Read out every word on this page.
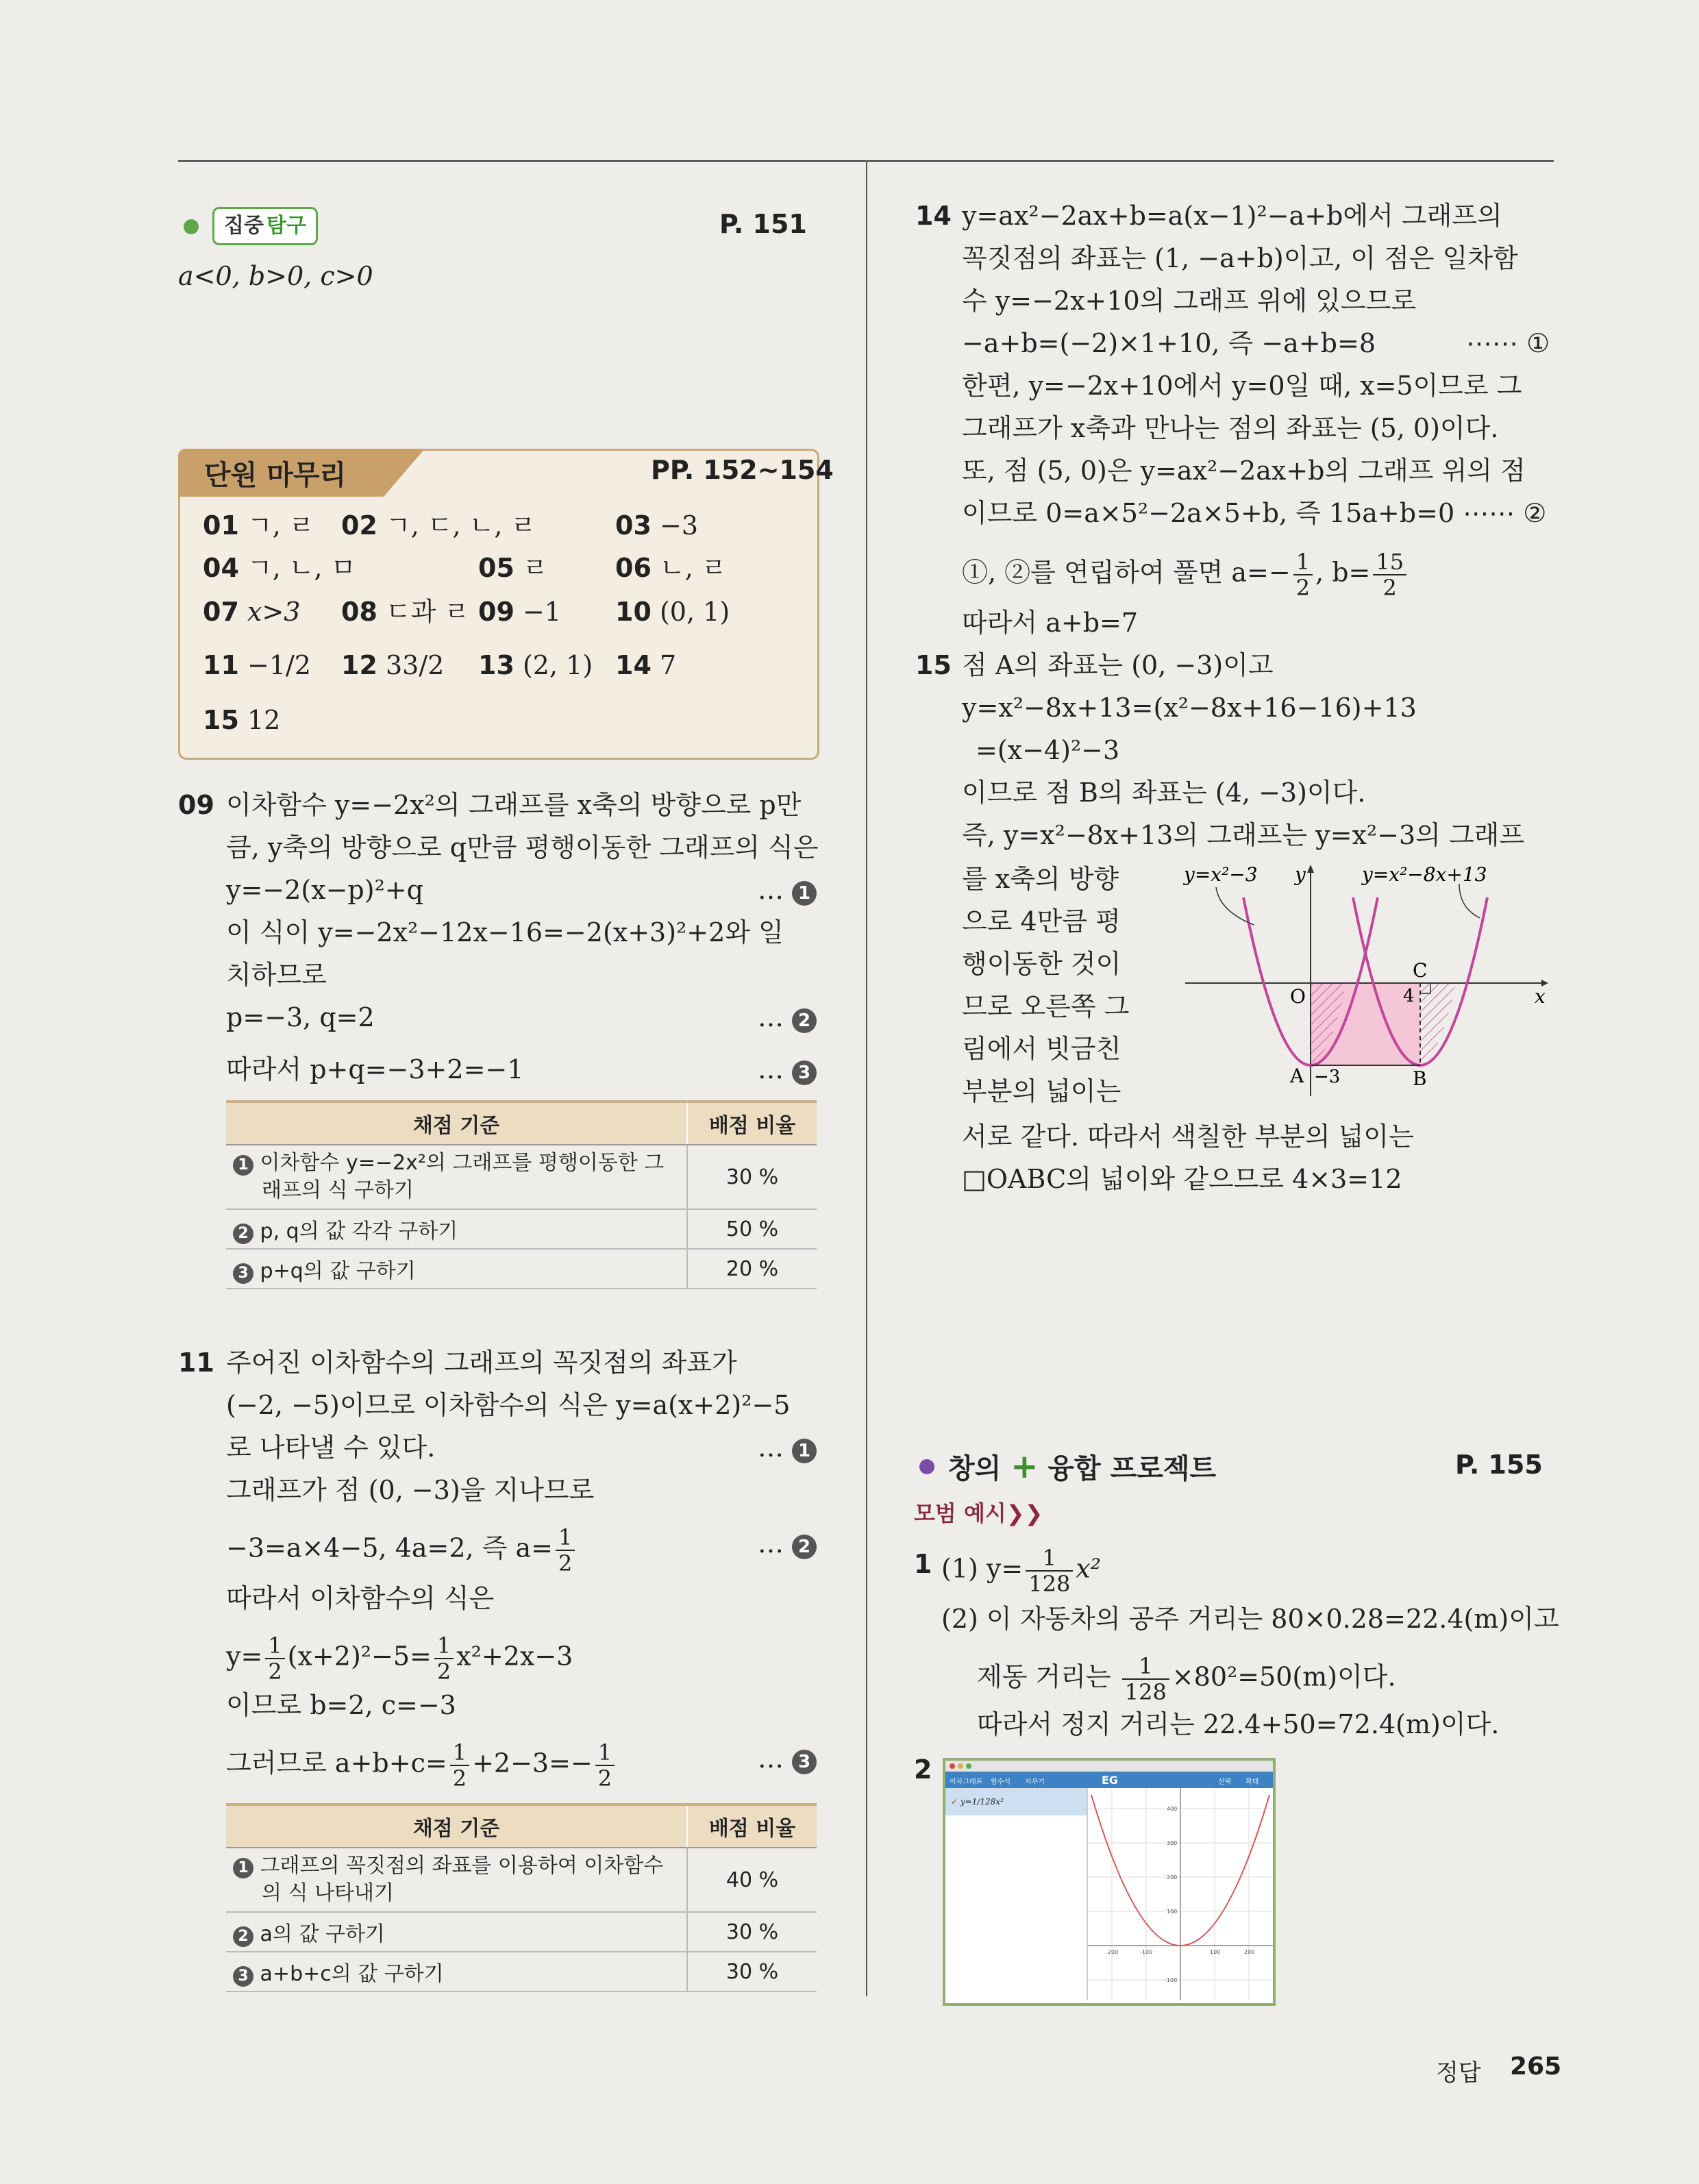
집중 탐구	P. 151
a<0, b>0, c>0
단원 마무리	PP. 152~154
01 ㄱ, ㄹ 02 ㄱ, ㄷ, ㄴ, ㄹ	03 −3
04 ㄱ, ㄴ, ㅁ	05 ㄹ	06 ㄴ, ㄹ
07 x>3 08 ㄷ과 ㄹ 09 −1 10 (0, 1)
11 −1/2 12 33/2 13 (2, 1) 14 7
15 12
09 이차함수 y=−2x²의 그래프를 x축의 방향으로 p만
큼, y축의 방향으로 q만큼 평행이동한 그래프의 식은
y=−2(x−p)²+q	… 1
이 식이 y=−2x²−12x−16=−2(x+3)²+2와 일
치하므로
p=−3, q=2	… 2
따라서 p+q=−3+2=−1	… 3
채점 기준	배점 비율
1 이차함수 y=−2x²의 그래프를 평행이동한 그
래프의 식 구하기	30 %
2 p, q의 값 각각 구하기	50 %
3 p+q의 값 구하기	20 %
11 주어진 이차함수의 그래프의 꼭짓점의 좌표가
(−2, −5)이므로 이차함수의 식은 y=a(x+2)²−5
로 나타낼 수 있다.	… 1
그래프가 점 (0, −3)을 지나므로
−3=a×4−5, 4a=2, 즉 $a= \frac{1}{2}$	… 2
따라서 이차함수의 식은
$y= \frac{1}{2} (x+2)^2-5= \frac{1}{2} x^2+2x-3$
이므로 b=2, c=−3
그러므로 $a+b+c= \frac{1}{2} +2-3=- \frac{1}{2}$	… 3
채점 기준	배점 비율
1 그래프의 꼭짓점의 좌표를 이용하여 이차함수
의 식 나타내기	40 %
2 a의 값 구하기	30 %
3 a+b+c의 값 구하기	30 %
14 y=ax²−2ax+b=a(x−1)²−a+b에서 그래프의
꼭짓점의 좌표는 (1, −a+b)이고, 이 점은 일차함
수 y=−2x+10의 그래프 위에 있으므로
−a+b=(−2)×1+10, 즉 −a+b=8	⋯⋯ ①
한편, y=−2x+10에서 y=0일 때, x=5이므로 그
그래프가 x축과 만나는 점의 좌표는 (5, 0)이다.
또, 점 (5, 0)은 y=ax²−2ax+b의 그래프 위의 점
이므로 0=a×5²−2a×5+b, 즉 15a+b=0 ⋯⋯ ②
①, ②를 연립하여 풀면 $a=- \frac{1}{2}$ , $b= \frac{15}{2}$
따라서 a+b=7
15 점 A의 좌표는 (0, −3)이고
y=x²−8x+13=(x²−8x+16−16)+13
=(x−4)²−3
이므로 점 B의 좌표는 (4, −3)이다.
즉, y=x²−8x+13의 그래프는 y=x²−3의 그래프
를 x축의 방향
으로 4만큼 평
행이동한 것이
므로 오른쪽 그
림에서 빗금친
부분의 넓이는
서로 같다. 따라서 색칠한 부분의 넓이는
□OABC의 넓이와 같으므로 4×3=12
y=x²−3	y=x²−8x+13
y
x
O
C
4
A −3	B
창의 + 융합 프로젝트	P. 155
모범 예시❯❯
1 (1) $y= \frac{1}{128} x^2$
(2) 이 자동차의 공주 거리는 80×0.28=22.4(m)이고
제동 거리는 $\frac{1}{128} \times 80^2=50(m)$이다.
따라서 정지 거리는 22.4+50=72.4(m)이다.
2	이차그래프 함수식 지우기	EG	선택 확대
✓ y=1/128x²
400
300
200
100
-100
-200	-100	100	200
정답 265
